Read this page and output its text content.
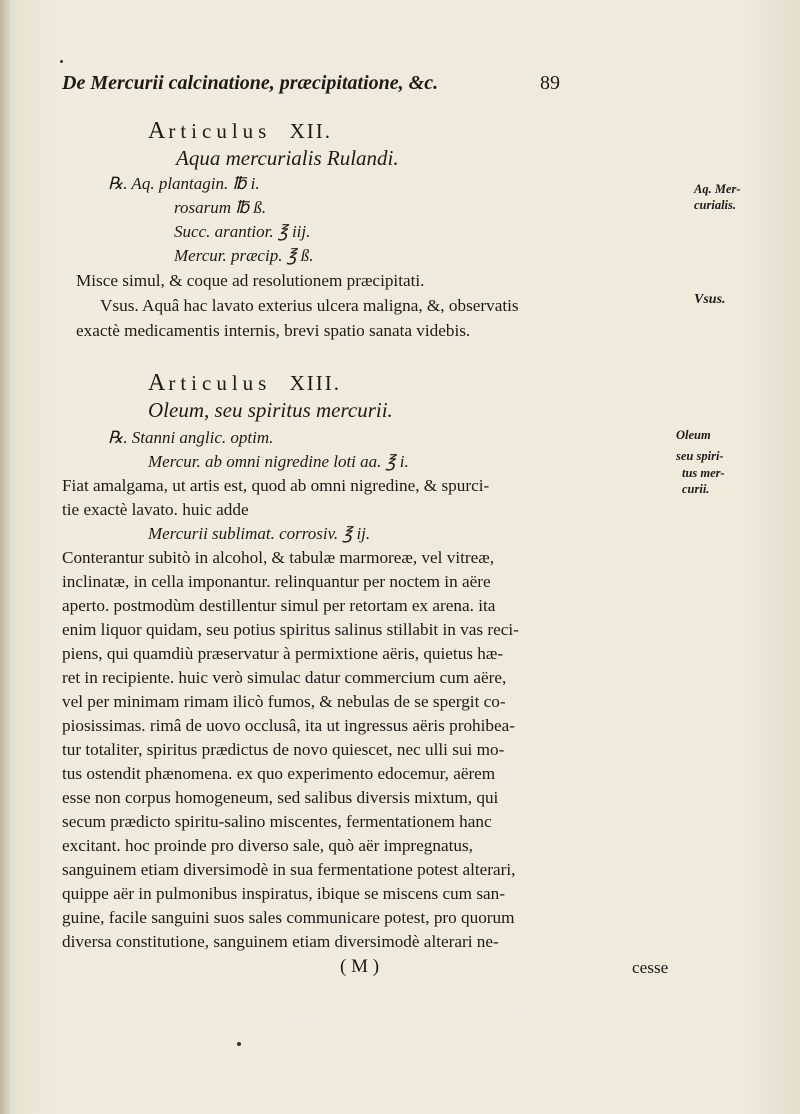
De Mercurii calcinatione, præcipitatione, &c.	89
Articulus XII.
Aqua mercurialis Rulandi.
℞. Aq. plantagin. ℔ i.
rosarum ℔ ß.
Succ. arantior. ℥ iij.
Mercur. præcip. ℥ ß.
Misce simul, & coque ad resolutionem præcipitati.
Vsus. Aquâ hac lavato exterius ulcera maligna, &, observatis
exactè medicamentis internis, brevi spatio sanata videbis.
Aq. Mer-
curialis.
Vsus.
Articulus XIII.
Oleum, seu spiritus mercurii.
℞. Stanni anglic. optim.
Mercur. ab omni nigredine loti aa. ℥ i.
Fiat amalgama, ut artis est, quod ab omni nigredine, & spurci-
tie exactè lavato. huic adde
Mercurii sublimat. corrosiv. ℥ ij.
Conterantur subitò in alcohol, & tabulæ marmoreæ, vel vitreæ,
inclinatæ, in cella imponantur. relinquantur per noctem in aëre
aperto. postmodùm destillentur simul per retortam ex arena. ita
enim liquor quidam, seu potius spiritus salinus stillabit in vas reci-
piens, qui quamdiù præservatur à permixtione aëris, quietus hæ-
ret in recipiente. huic verò simulac datur commercium cum aëre,
vel per minimam rimam ilicò fumos, & nebulas de se spergit co-
piosissimas. rimâ de uovo occlusâ, ita ut ingressus aëris prohibea-
tur totaliter, spiritus prædictus de novo quiescet, nec ulli sui mo-
tus ostendit phænomena. ex quo experimento edocemur, aërem
esse non corpus homogeneum, sed salibus diversis mixtum, qui
secum prædicto spiritu-salino miscentes, fermentationem hanc
excitant. hoc proinde pro diverso sale, quò aër impregnatus,
sanguinem etiam diversimodè in sua fermentatione potest alterari,
quippe aër in pulmonibus inspiratus, ibique se miscens cum san-
guine, facile sanguini suos sales communicare potest, pro quorum
diversa constitutione, sanguinem etiam diversimodè alterari ne-
Oleum
seu spiri-
tus mer-
curii.
( M )	cesse
